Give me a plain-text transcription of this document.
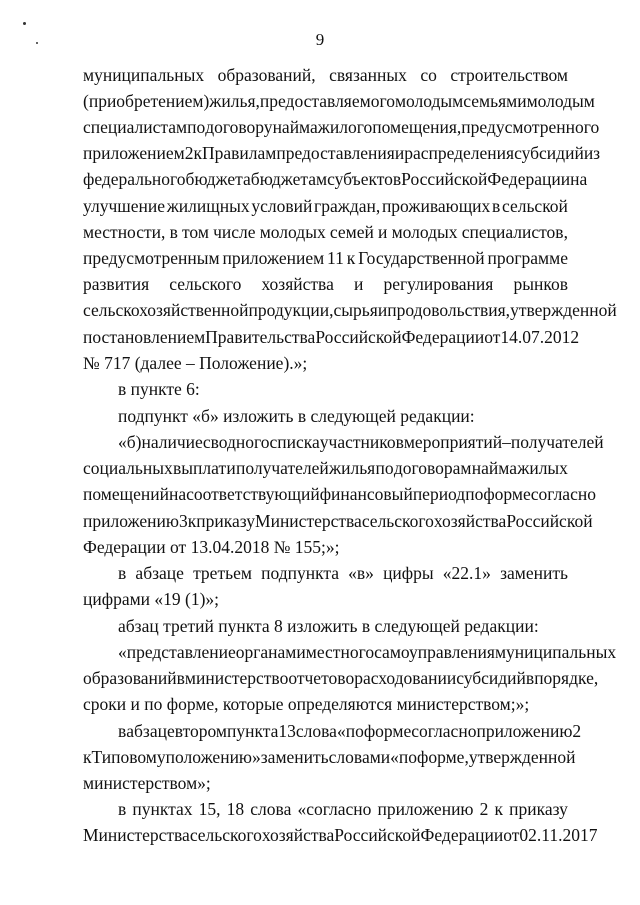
9
муниципальных образований, связанных со строительством
(приобретением) жилья, предоставляемого молодым семьям и молодым
специалистам по договору найма жилого помещения, предусмотренного
приложением 2 к Правилам предоставления и распределения субсидий из
федерального бюджета бюджетам субъектов Российской Федерации на
улучшение жилищных условий граждан, проживающих в сельской
местности, в том числе молодых семей и молодых специалистов,
предусмотренным приложением 11 к Государственной программе
развития сельского хозяйства и регулирования рынков
сельскохозяйственной продукции, сырья и продовольствия, утвержденной
постановлением Правительства Российской Федерации от 14.07.2012
№ 717 (далее – Положение).»;
в пункте 6:
подпункт «б» изложить в следующей редакции:
«б) наличие сводного списка участников мероприятий – получателей
социальных выплат и получателей жилья по договорам найма жилых
помещений на соответствующий финансовый период по форме согласно
приложению 3 к приказу Министерства сельского хозяйства Российской
Федерации от 13.04.2018 № 155;»;
в абзаце третьем подпункта «в» цифры «22.1» заменить
цифрами «19 (1)»;
абзац третий пункта 8 изложить в следующей редакции:
«представление органами местного самоуправления муниципальных
образований в министерство отчетов о расходовании субсидий в порядке,
сроки и по форме, которые определяются министерством;»;
в абзаце втором пункта 13 слова «по форме согласно приложению 2
к Типовому положению» заменить словами «по форме, утвержденной
министерством»;
в пунктах 15, 18 слова «согласно приложению 2 к приказу
Министерства сельского хозяйства Российской Федерации от 02.11.2017
